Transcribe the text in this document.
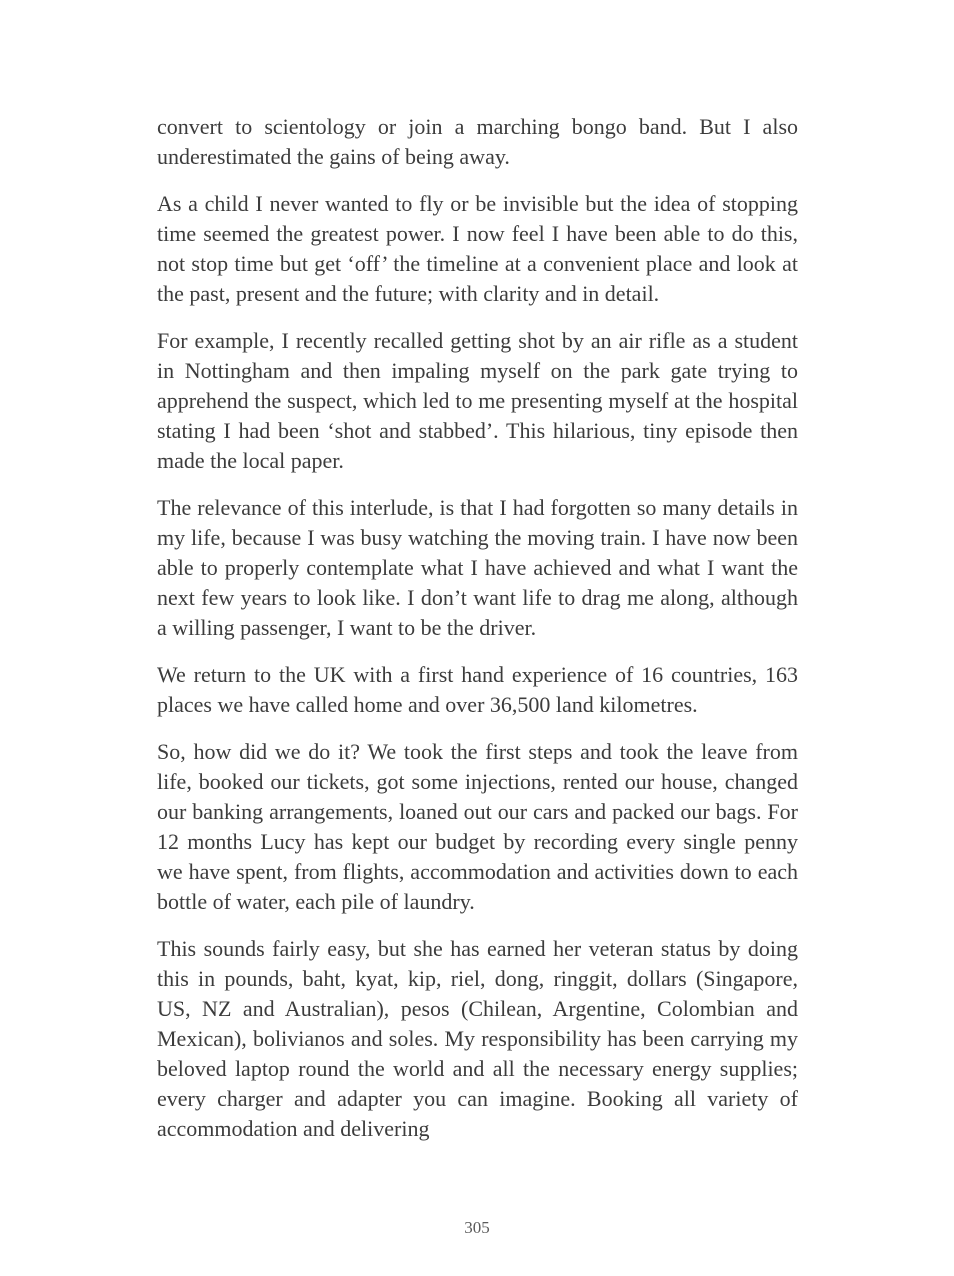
convert to scientology or join a marching bongo band. But I also underestimated the gains of being away.

As a child I never wanted to fly or be invisible but the idea of stopping time seemed the greatest power. I now feel I have been able to do this, not stop time but get ‘off’ the timeline at a convenient place and look at the past, present and the future; with clarity and in detail.

For example, I recently recalled getting shot by an air rifle as a student in Nottingham and then impaling myself on the park gate trying to apprehend the suspect, which led to me presenting myself at the hospital stating I had been ‘shot and stabbed’. This hilarious, tiny episode then made the local paper.

The relevance of this interlude, is that I had forgotten so many details in my life, because I was busy watching the moving train. I have now been able to properly contemplate what I have achieved and what I want the next few years to look like. I don’t want life to drag me along, although a willing passenger, I want to be the driver.

We return to the UK with a first hand experience of 16 countries, 163 places we have called home and over 36,500 land kilometres.

So, how did we do it? We took the first steps and took the leave from life, booked our tickets, got some injections, rented our house, changed our banking arrangements, loaned out our cars and packed our bags. For 12 months Lucy has kept our budget by recording every single penny we have spent, from flights, accommodation and activities down to each bottle of water, each pile of laundry.

This sounds fairly easy, but she has earned her veteran status by doing this in pounds, baht, kyat, kip, riel, dong, ringgit, dollars (Singapore, US, NZ and Australian), pesos (Chilean, Argentine, Colombian and Mexican), bolivianos and soles. My responsibility has been carrying my beloved laptop round the world and all the necessary energy supplies; every charger and adapter you can imagine. Booking all variety of accommodation and delivering

305
